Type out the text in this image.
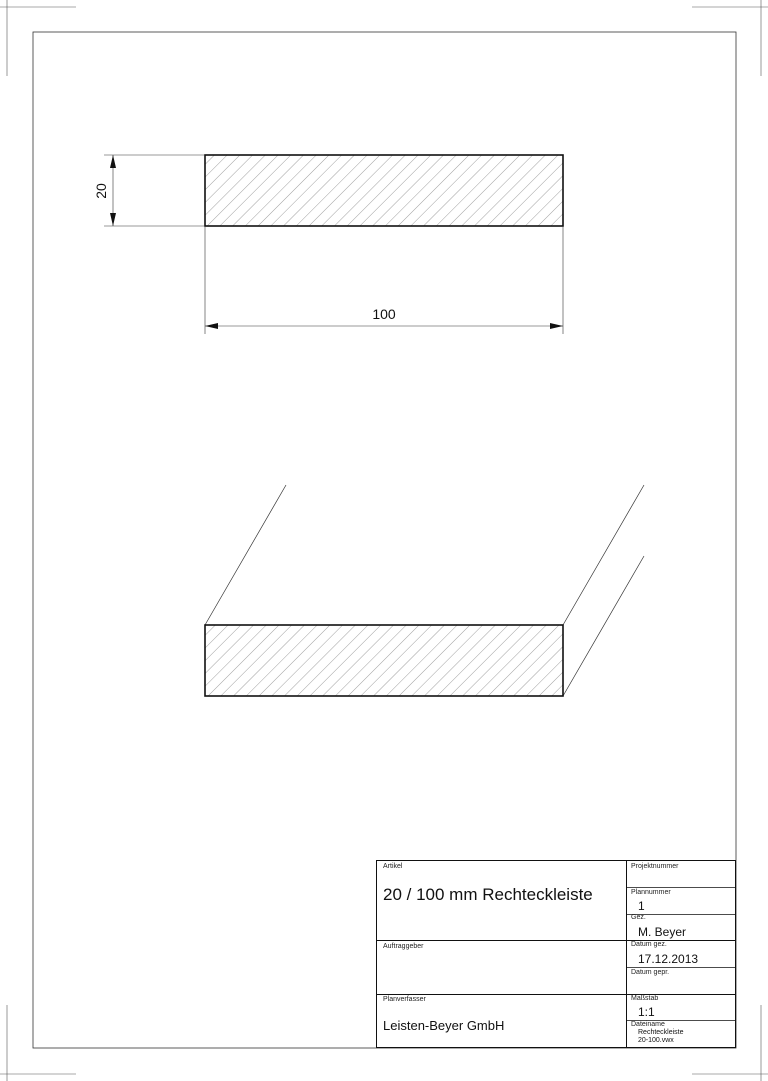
20
100
Artikel
20 / 100 mm Rechteckleiste
Projektnummer
Plannummer
1
Gez.
M. Beyer
Auftraggeber	Datum gez.
17.12.2013
Datum gepr.
Planverfasser
Leisten-Beyer GmbH
Maßstab
1:1
Dateiname
Rechteckleiste
20-100.vwx
